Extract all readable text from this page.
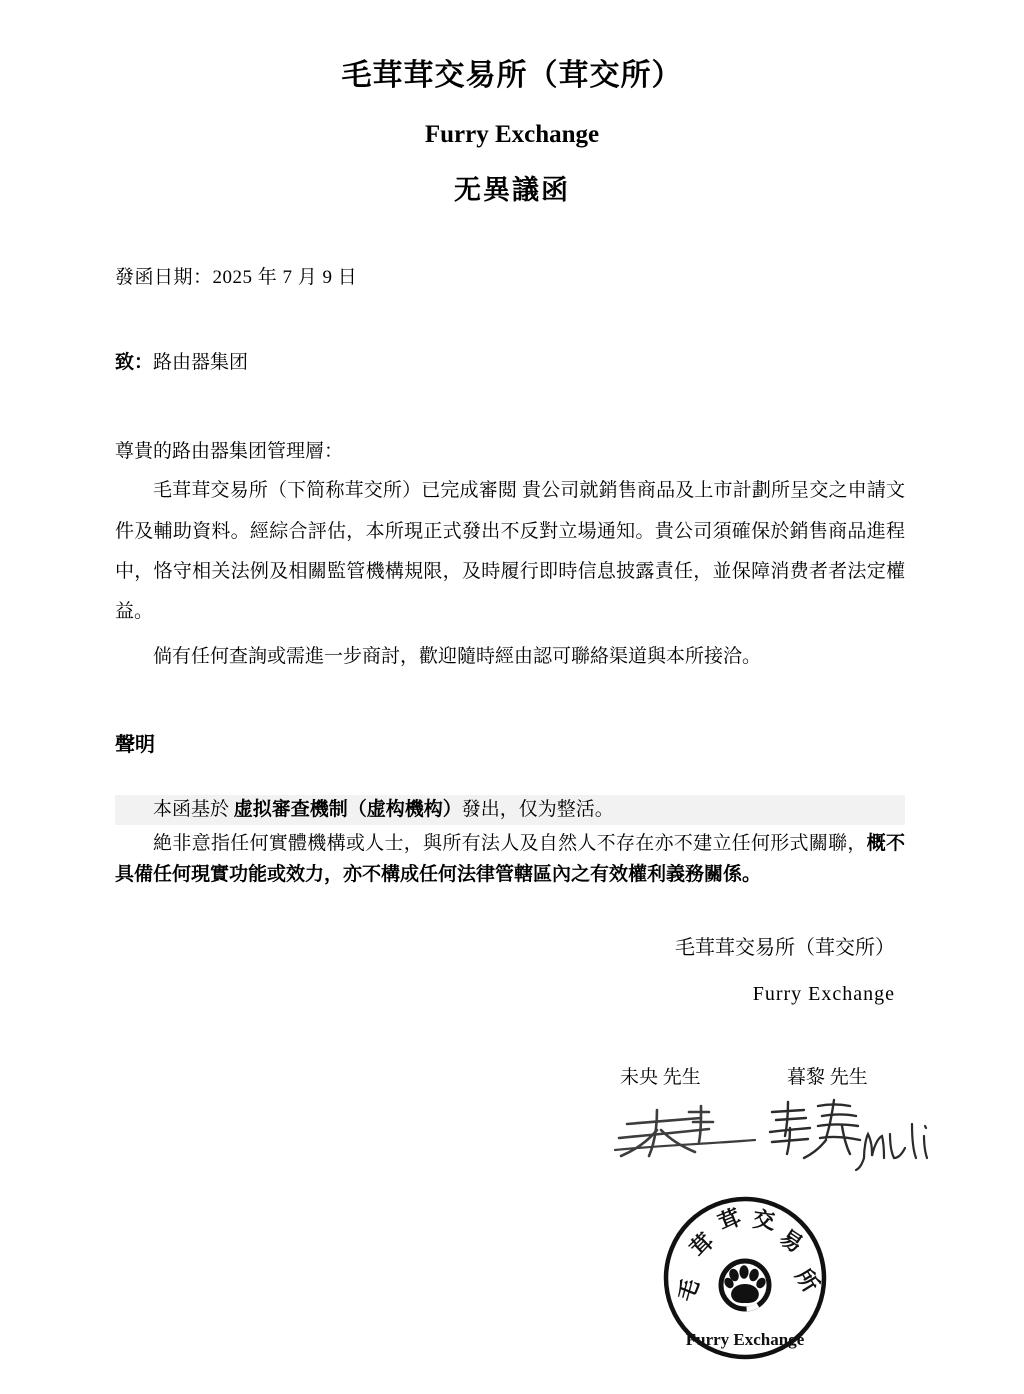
毛茸茸交易所（茸交所）
Furry Exchange
无異議函
發函日期：2025 年 7 月 9 日
致：路由器集团
尊貴的路由器集团管理層：
毛茸茸交易所（下简称茸交所）已完成審閲 貴公司就銷售商品及上市計劃所呈交之申請文件及輔助資料。經綜合評估，本所現正式發出不反對立場通知。貴公司須確保於銷售商品進程中，恪守相关法例及相關監管機構規限，及時履行即時信息披露責任，並保障消费者者法定權益。
倘有任何查詢或需進一步商討，歡迎隨時經由認可聯絡渠道與本所接洽。
聲明
本函基於 虚拟審查機制（虚构機构）發出，仅为整活。
絶非意指任何實體機構或人士，與所有法人及自然人不存在亦不建立任何形式關聯，概不具備任何現實功能或效力，亦不構成任何法律管轄區內之有效權利義務關係。
毛茸茸交易所（茸交所）
Furry Exchange
未央 先生	暮黎 先生
毛
茸
茸 交
易
所
Furry Exchange
